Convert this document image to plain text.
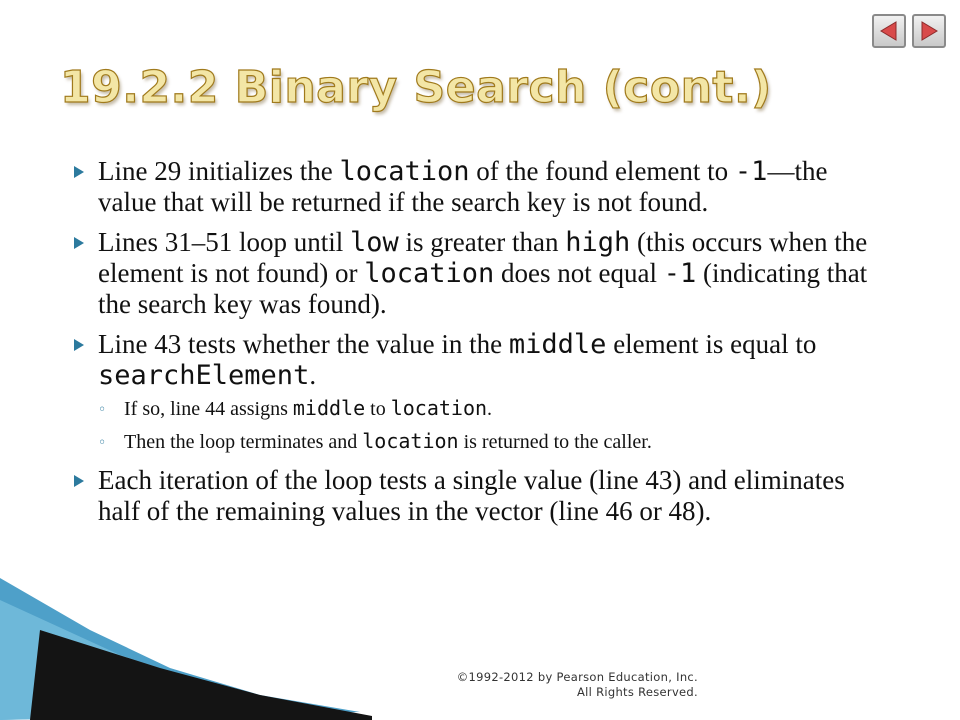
19.2.2 Binary Search (cont.)
Line 29 initializes the location of the found element to -1—the value that will be returned if the search key is not found.
Lines 31–51 loop until low is greater than high (this occurs when the element is not found) or location does not equal -1 (indicating that the search key was found).
Line 43 tests whether the value in the middle element is equal to searchElement.
◦ If so, line 44 assigns middle to location.
◦ Then the loop terminates and location is returned to the caller.
Each iteration of the loop tests a single value (line 43) and eliminates half of the remaining values in the vector (line 46 or 48).
©1992-2012 by Pearson Education, Inc.
All Rights Reserved.
